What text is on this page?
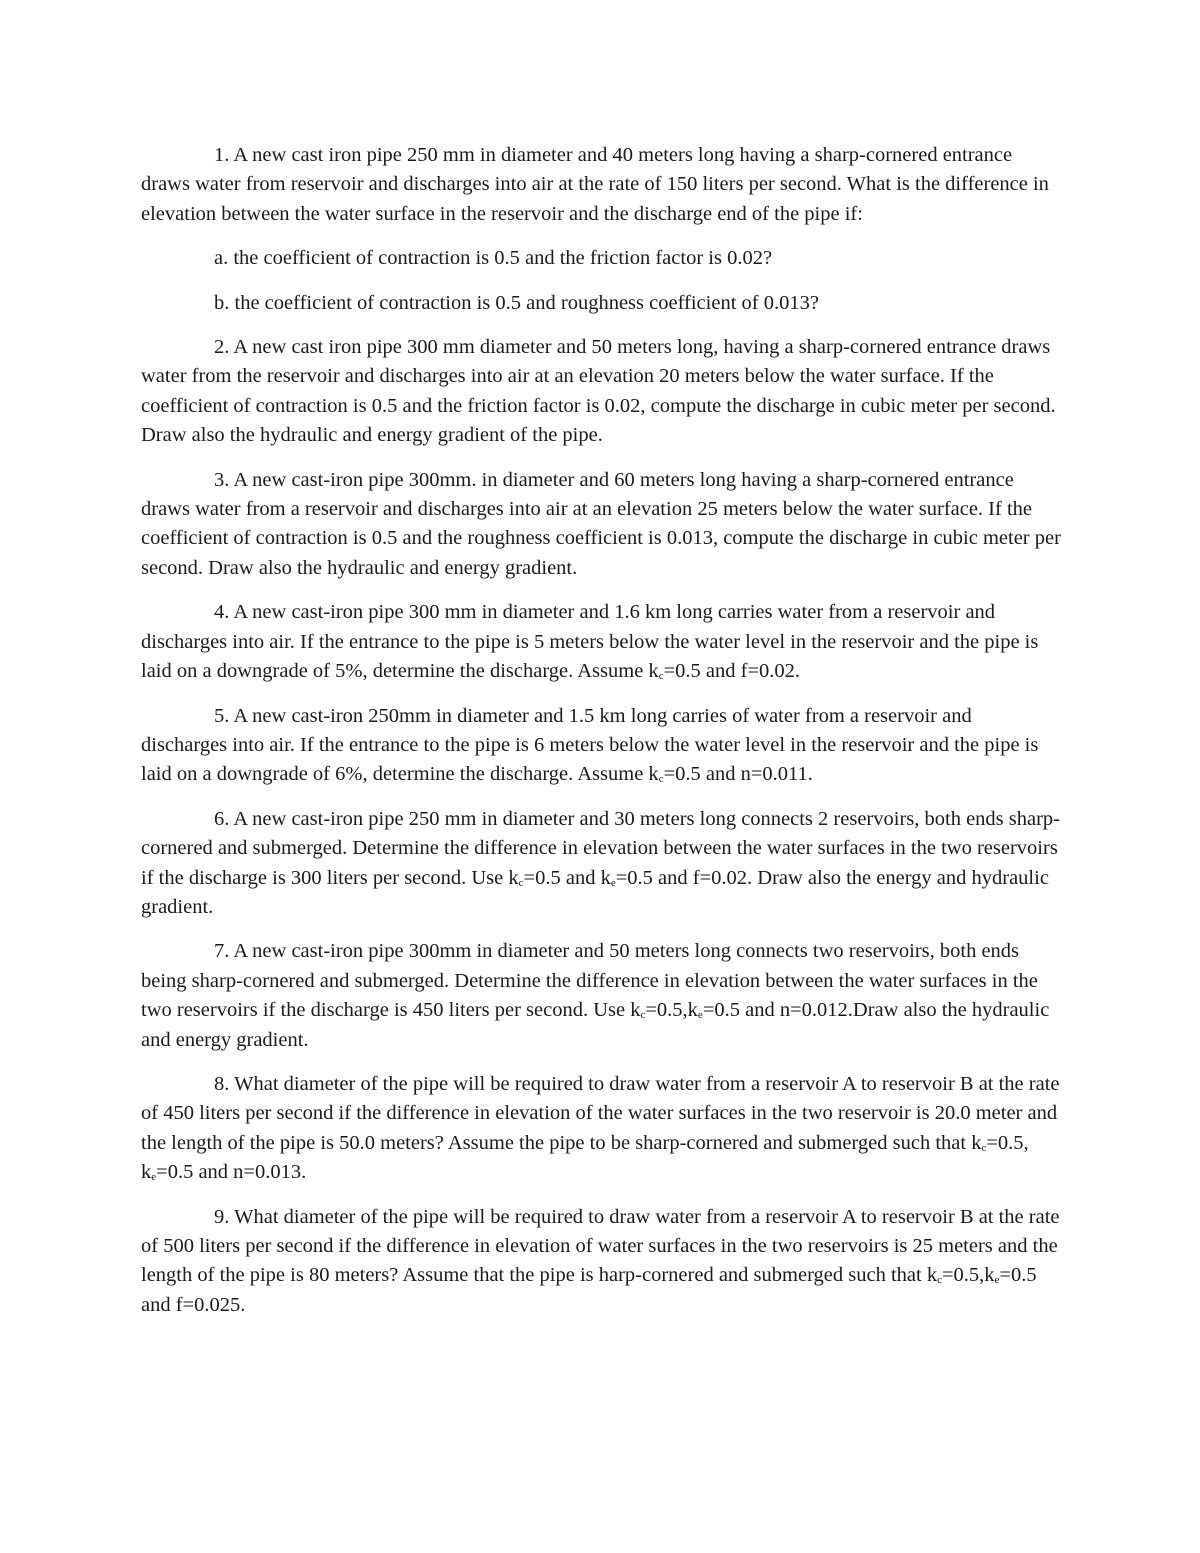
1. A new cast iron pipe 250 mm in diameter and 40 meters long having a sharp-cornered entrance draws water from reservoir and discharges into air at the rate of 150 liters per second. What is the difference in elevation between the water surface in the reservoir and the discharge end of the pipe if:

a. the coefficient of contraction is 0.5 and the friction factor is 0.02?

b. the coefficient of contraction is 0.5 and roughness coefficient of 0.013?

2. A new cast iron pipe 300 mm diameter and 50 meters long, having a sharp-cornered entrance draws water from the reservoir and discharges into air at an elevation 20 meters below the water surface. If the coefficient of contraction is 0.5 and the friction factor is 0.02, compute the discharge in cubic meter per second. Draw also the hydraulic and energy gradient of the pipe.

3. A new cast-iron pipe 300mm. in diameter and 60 meters long having a sharp-cornered entrance draws water from a reservoir and discharges into air at an elevation 25 meters below the water surface. If the coefficient of contraction is 0.5 and the roughness coefficient is 0.013, compute the discharge in cubic meter per second. Draw also the hydraulic and energy gradient.

4. A new cast-iron pipe 300 mm in diameter and 1.6 km long carries water from a reservoir and discharges into air. If the entrance to the pipe is 5 meters below the water level in the reservoir and the pipe is laid on a downgrade of 5%, determine the discharge. Assume $k_c=0.5$ and f=0.02.

5. A new cast-iron 250mm in diameter and 1.5 km long carries of water from a reservoir and discharges into air. If the entrance to the pipe is 6 meters below the water level in the reservoir and the pipe is laid on a downgrade of 6%, determine the discharge. Assume $k_c=0.5$ and n=0.011.

6. A new cast-iron pipe 250 mm in diameter and 30 meters long connects 2 reservoirs, both ends sharp-cornered and submerged. Determine the difference in elevation between the water surfaces in the two reservoirs if the discharge is 300 liters per second. Use $k_c=0.5$ and $k_e=0.5$ and f=0.02. Draw also the energy and hydraulic gradient.

7. A new cast-iron pipe 300mm in diameter and 50 meters long connects two reservoirs, both ends being sharp-cornered and submerged. Determine the difference in elevation between the water surfaces in the two reservoirs if the discharge is 450 liters per second. Use $k_c=0.5,k_e=0.5$ and n=0.012.Draw also the hydraulic and energy gradient.

8. What diameter of the pipe will be required to draw water from a reservoir A to reservoir B at the rate of 450 liters per second if the difference in elevation of the water surfaces in the two reservoir is 20.0 meter and the length of the pipe is 50.0 meters? Assume the pipe to be sharp-cornered and submerged such that $k_c=0.5$, $k_e=0.5$ and n=0.013.

9. What diameter of the pipe will be required to draw water from a reservoir A to reservoir B at the rate of 500 liters per second if the difference in elevation of water surfaces in the two reservoirs is 25 meters and the length of the pipe is 80 meters? Assume that the pipe is harp-cornered and submerged such that $k_c=0.5,k_e=0.5$ and f=0.025.
